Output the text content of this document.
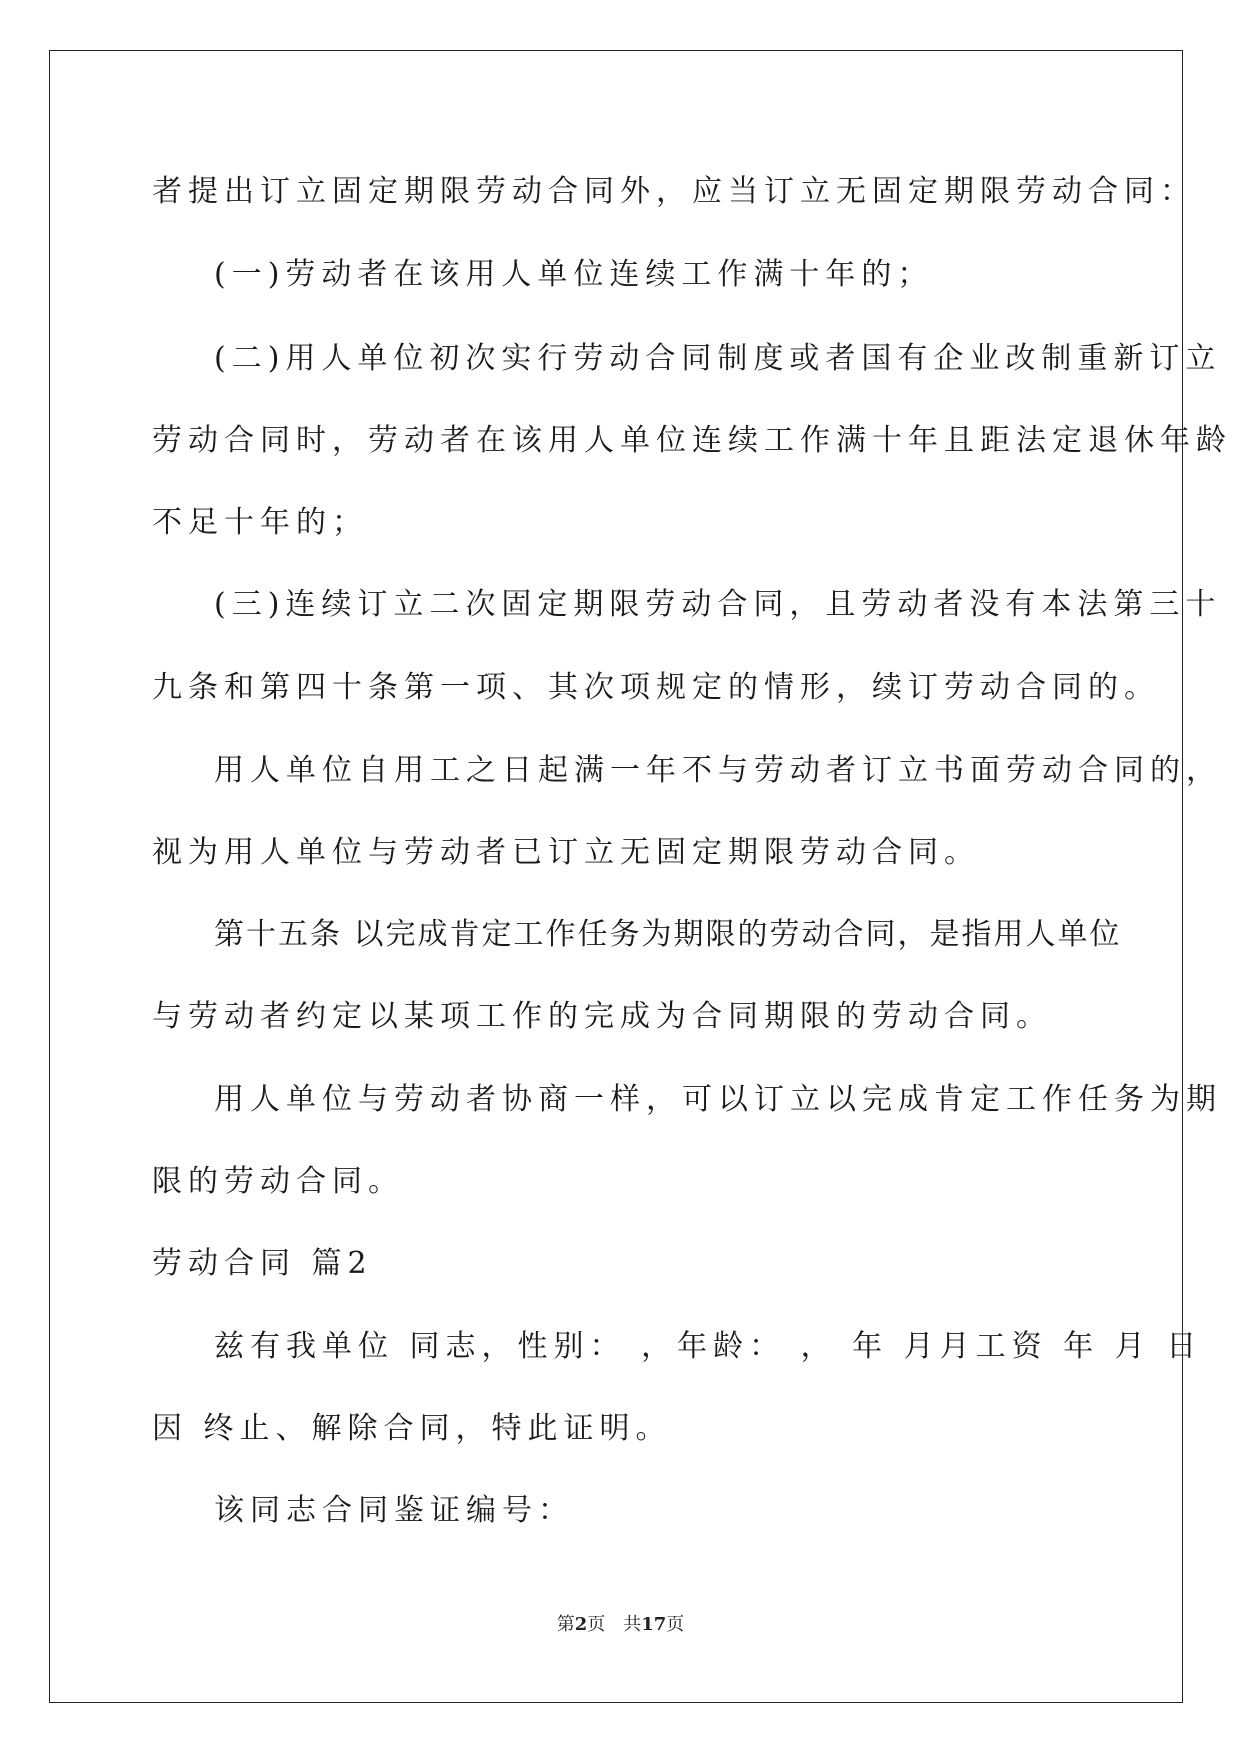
者提出订立固定期限劳动合同外，应当订立无固定期限劳动合同：
(一)劳动者在该用人单位连续工作满十年的；
(二)用人单位初次实行劳动合同制度或者国有企业改制重新订立
劳动合同时，劳动者在该用人单位连续工作满十年且距法定退休年龄
不足十年的；
(三)连续订立二次固定期限劳动合同，且劳动者没有本法第三十
九条和第四十条第一项、其次项规定的情形，续订劳动合同的。
用人单位自用工之日起满一年不与劳动者订立书面劳动合同的，
视为用人单位与劳动者已订立无固定期限劳动合同。
第十五条 以完成肯定工作任务为期限的劳动合同，是指用人单位
与劳动者约定以某项工作的完成为合同期限的劳动合同。
用人单位与劳动者协商一样，可以订立以完成肯定工作任务为期
限的劳动合同。
劳动合同 篇2
兹有我单位 同志，性别： ，年龄： ， 年 月月工资 年 月 日
因 终止、解除合同，特此证明。
该同志合同鉴证编号：
第2页　共17页
